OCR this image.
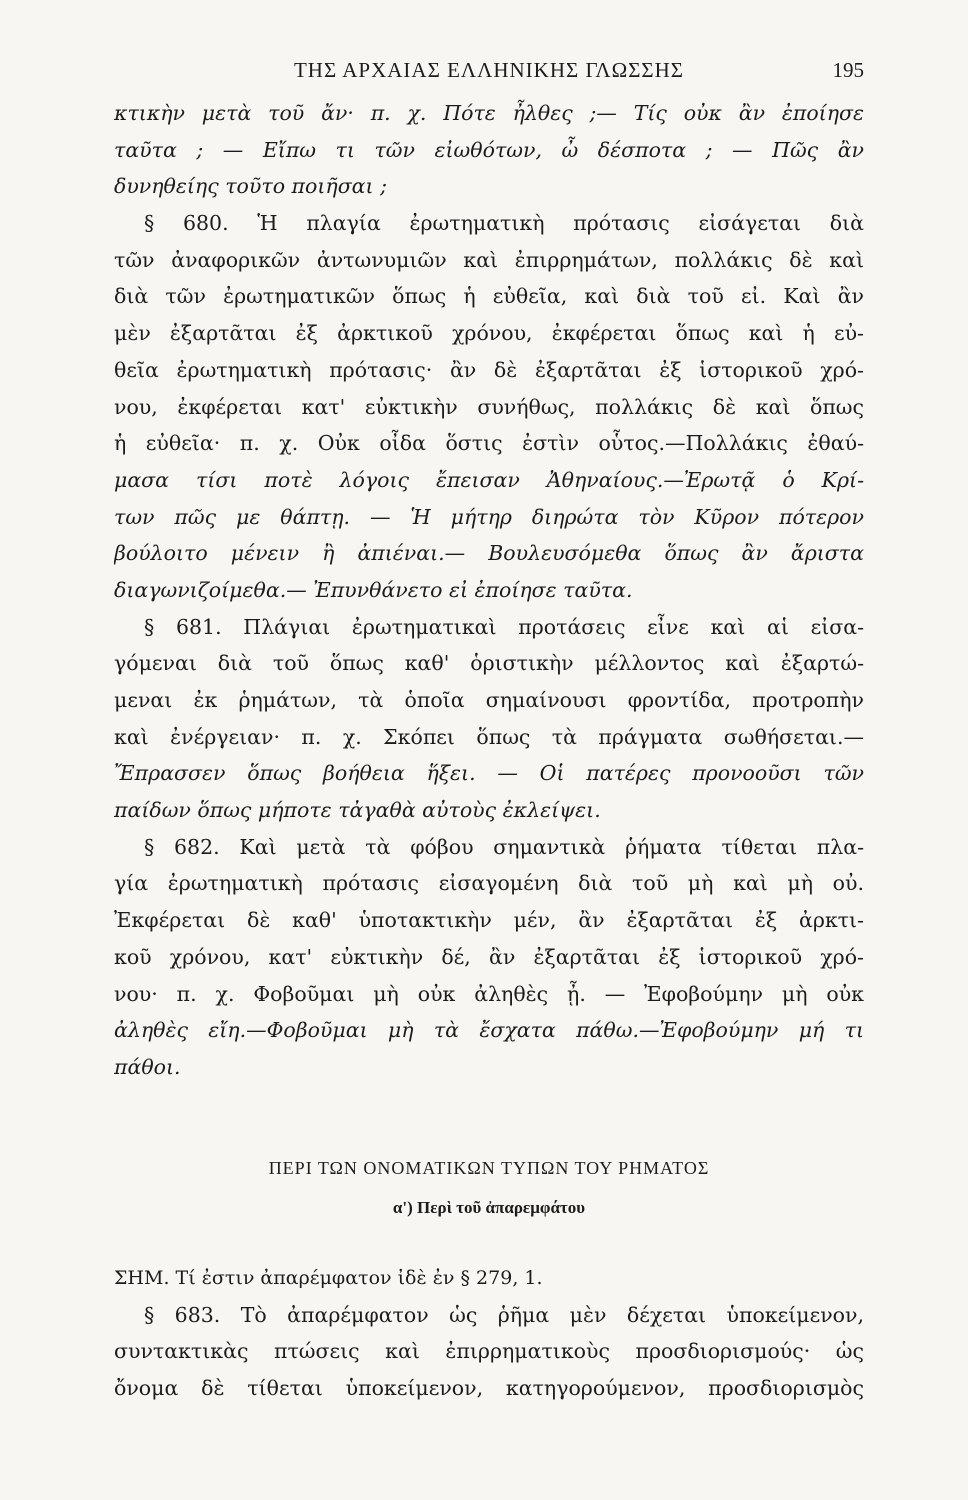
ΤΗΣ ΑΡΧΑΙΑΣ ΕΛΛΗΝΙΚΗΣ ΓΛΩΣΣΗΣ	195
κτικὴν μετὰ τοῦ ἄν· π. χ. Πότε ἦλθες ;— Τίς οὐκ ἂν ἐποίησε
ταῦτα ; — Εἴπω τι τῶν εἰωθότων, ὦ δέσποτα ; — Πῶς ἂν
δυνηθείης τοῦτο ποιῆσαι ;
§ 680. Ἡ πλαγία ἐρωτηματικὴ πρότασις εἰσάγεται διὰ
τῶν ἀναφορικῶν ἀντωνυμιῶν καὶ ἐπιρρημάτων, πολλάκις δὲ καὶ
διὰ τῶν ἐρωτηματικῶν ὅπως ἡ εὐθεῖα, καὶ διὰ τοῦ εἰ. Καὶ ἂν
μὲν ἐξαρτᾶται ἐξ ἀρκτικοῦ χρόνου, ἐκφέρεται ὅπως καὶ ἡ εὐ-
θεῖα ἐρωτηματικὴ πρότασις· ἂν δὲ ἐξαρτᾶται ἐξ ἱστορικοῦ χρό-
νου, ἐκφέρεται κατ' εὐκτικὴν συνήθως, πολλάκις δὲ καὶ ὅπως
ἡ εὐθεῖα· π. χ. Οὐκ οἶδα ὅστις ἐστὶν οὗτος.—Πολλάκις ἐθαύ-
μασα τίσι ποτὲ λόγοις ἔπεισαν Ἀθηναίους.—Ἐρωτᾷ ὁ Κρί-
των πῶς με θάπτῃ. — Ἡ μήτηρ διηρώτα τὸν Κῦρον πότερον
βούλοιτο μένειν ἢ ἀπιέναι.— Βουλευσόμεθα ὅπως ἂν ἄριστα
διαγωνιζοίμεθα.— Ἐπυνθάνετο εἰ ἐποίησε ταῦτα.
§ 681. Πλάγιαι ἐρωτηματικαὶ προτάσεις εἶνε καὶ αἱ εἰσα-
γόμεναι διὰ τοῦ ὅπως καθ' ὁριστικὴν μέλλοντος καὶ ἐξαρτώ-
μεναι ἐκ ῥημάτων, τὰ ὁποῖα σημαίνουσι φροντίδα, προτροπὴν
καὶ ἐνέργειαν· π. χ. Σκόπει ὅπως τὰ πράγματα σωθήσεται.—
Ἔπρασσεν ὅπως βοήθεια ἥξει. — Οἱ πατέρες προνοοῦσι τῶν
παίδων ὅπως μήποτε τἀγαθὰ αὐτοὺς ἐκλείψει.
§ 682. Καὶ μετὰ τὰ φόβου σημαντικὰ ῥήματα τίθεται πλα-
γία ἐρωτηματικὴ πρότασις εἰσαγομένη διὰ τοῦ μὴ καὶ μὴ οὐ.
Ἐκφέρεται δὲ καθ' ὑποτακτικὴν μέν, ἂν ἐξαρτᾶται ἐξ ἀρκτι-
κοῦ χρόνου, κατ' εὐκτικὴν δέ, ἂν ἐξαρτᾶται ἐξ ἱστορικοῦ χρό-
νου· π. χ. Φοβοῦμαι μὴ οὐκ ἀληθὲς ᾖ. — Ἐφοβούμην μὴ οὐκ
ἀληθὲς εἴη.—Φοβοῦμαι μὴ τὰ ἔσχατα πάθω.—Ἐφοβούμην μή τι
πάθοι.
ΠΕΡΙ ΤΩΝ ΟΝΟΜΑΤΙΚΩΝ ΤΥΠΩΝ ΤΟΥ ΡΗΜΑΤΟΣ
α') Περὶ τοῦ ἀπαρεμφάτου
ΣΗΜ. Τί ἐστιν ἀπαρέμφατον ἰδὲ ἐν § 279, 1.
§ 683. Τὸ ἀπαρέμφατον ὡς ῥῆμα μὲν δέχεται ὑποκείμενον,
συντακτικὰς πτώσεις καὶ ἐπιρρηματικοὺς προσδιορισμούς· ὡς
ὄνομα δὲ τίθεται ὑποκείμενον, κατηγορούμενον, προσδιορισμὸς
